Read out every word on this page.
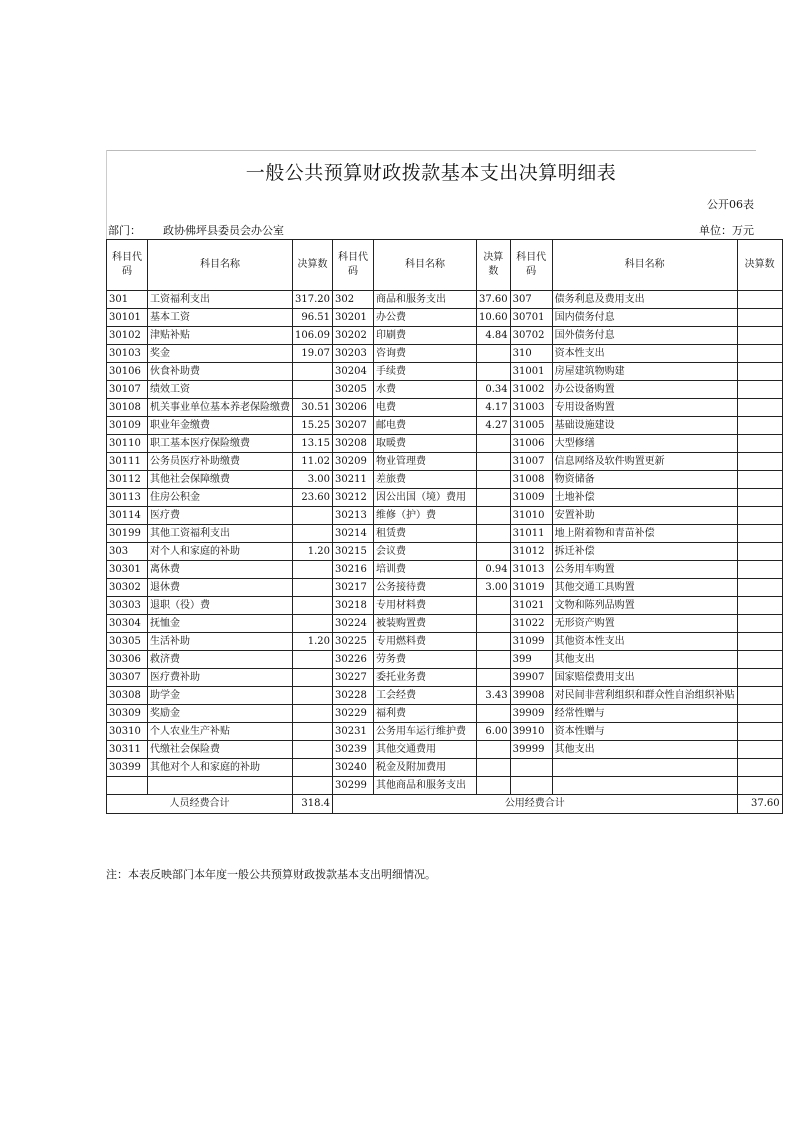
一般公共预算财政拨款基本支出决算明细表
公开06表
部门： 政协佛坪县委员会办公室	单位：万元
科目代码	科目名称	决算数	科目代码	科目名称	决算数	科目代码	科目名称	决算数
301	工资福利支出	317.20	302	商品和服务支出	37.60	307	债务利息及费用支出	
30101	基本工资	96.51	30201	办公费	10.60	30701	国内债务付息	
30102	津贴补贴	106.09	30202	印刷费	4.84	30702	国外债务付息	
30103	奖金	19.07	30203	咨询费		310	资本性支出	
30106	伙食补助费		30204	手续费		31001	房屋建筑物购建	
30107	绩效工资		30205	水费	0.34	31002	办公设备购置	
30108	机关事业单位基本养老保险缴费	30.51	30206	电费	4.17	31003	专用设备购置	
30109	职业年金缴费	15.25	30207	邮电费	4.27	31005	基础设施建设	
30110	职工基本医疗保险缴费	13.15	30208	取暖费		31006	大型修缮	
30111	公务员医疗补助缴费	11.02	30209	物业管理费		31007	信息网络及软件购置更新	
30112	其他社会保障缴费	3.00	30211	差旅费		31008	物资储备	
30113	住房公积金	23.60	30212	因公出国（境）费用		31009	土地补偿	
30114	医疗费		30213	维修（护）费		31010	安置补助	
30199	其他工资福利支出		30214	租赁费		31011	地上附着物和青苗补偿	
303	对个人和家庭的补助	1.20	30215	会议费		31012	拆迁补偿	
30301	离休费		30216	培训费	0.94	31013	公务用车购置	
30302	退休费		30217	公务接待费	3.00	31019	其他交通工具购置	
30303	退职（役）费		30218	专用材料费		31021	文物和陈列品购置	
30304	抚恤金		30224	被装购置费		31022	无形资产购置	
30305	生活补助	1.20	30225	专用燃料费		31099	其他资本性支出	
30306	救济费		30226	劳务费		399	其他支出	
30307	医疗费补助		30227	委托业务费		39907	国家赔偿费用支出	
30308	助学金		30228	工会经费	3.43	39908	对民间非营利组织和群众性自治组织补贴	
30309	奖励金		30229	福利费		39909	经常性赠与	
30310	个人农业生产补贴		30231	公务用车运行维护费	6.00	39910	资本性赠与	
30311	代缴社会保险费		30239	其他交通费用		39999	其他支出	
30399	其他对个人和家庭的补助		30240	税金及附加费用				
			30299	其他商品和服务支出				
人员经费合计		318.4	公用经费合计					37.60
注：本表反映部门本年度一般公共预算财政拨款基本支出明细情况。
